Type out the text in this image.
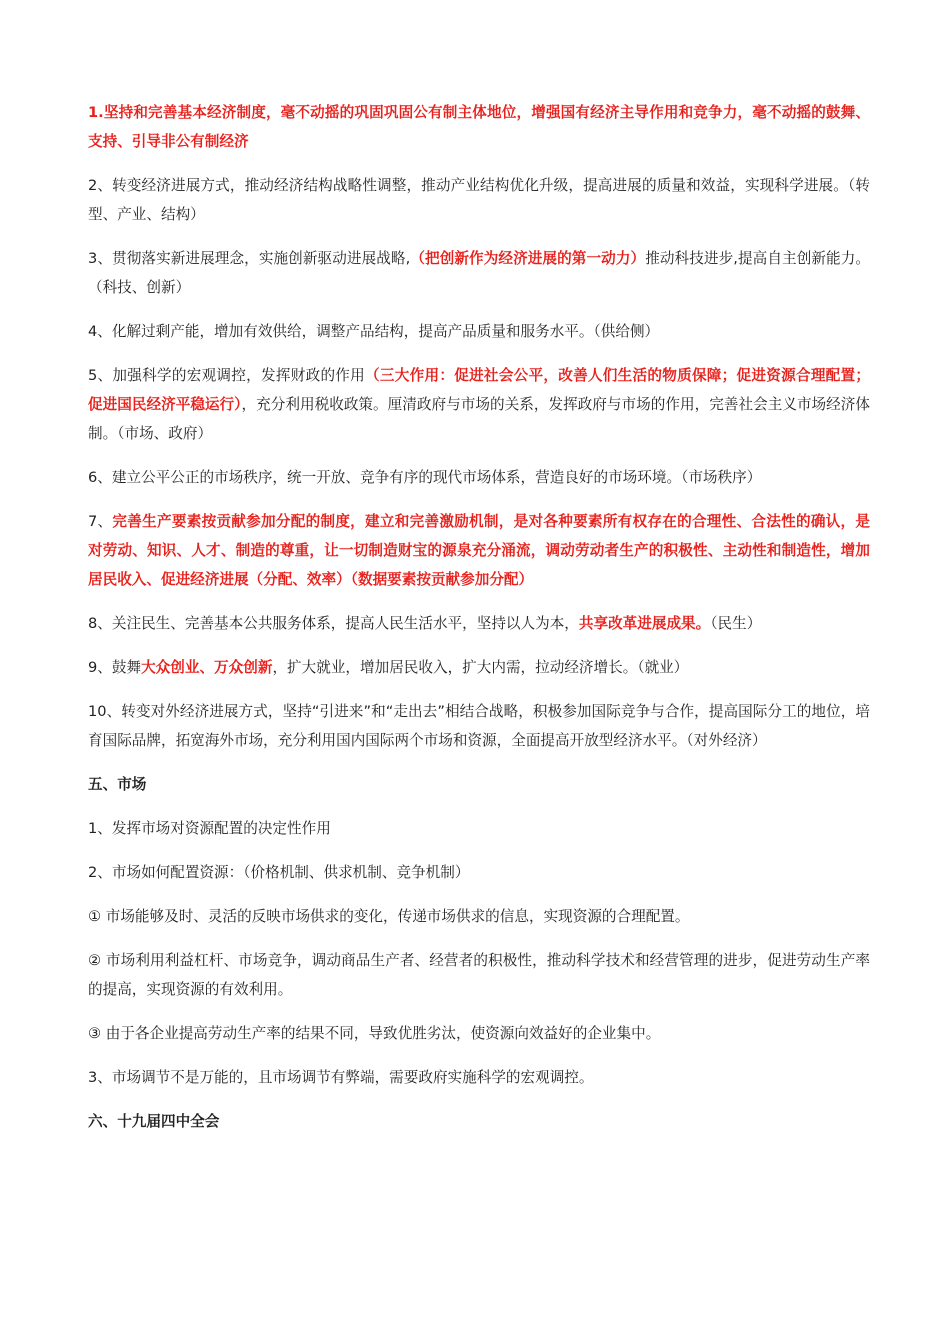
1.坚持和完善基本经济制度，毫不动摇的巩固巩固公有制主体地位，增强国有经济主导作用和竞争力，毫不动摇的鼓舞、支持、引导非公有制经济

2、转变经济进展方式，推动经济结构战略性调整，推动产业结构优化升级，提高进展的质量和效益，实现科学进展。（转型、产业、结构）

3、贯彻落实新进展理念，实施创新驱动进展战略,（把创新作为经济进展的第一动力）推动科技进步,提高自主创新能力。（科技、创新）

4、化解过剩产能，增加有效供给，调整产品结构，提高产品质量和服务水平。（供给侧）

5、加强科学的宏观调控，发挥财政的作用（三大作用：促进社会公平，改善人们生活的物质保障；促进资源合理配置；促进国民经济平稳运行），充分利用税收政策。厘清政府与市场的关系，发挥政府与市场的作用，完善社会主义市场经济体制。（市场、政府）

6、建立公平公正的市场秩序，统一开放、竞争有序的现代市场体系，营造良好的市场环境。（市场秩序）

7、完善生产要素按贡献参加分配的制度，建立和完善激励机制，是对各种要素所有权存在的合理性、合法性的确认，是对劳动、知识、人才、制造的尊重，让一切制造财宝的源泉充分涌流，调动劳动者生产的积极性、主动性和制造性，增加居民收入、促进经济进展（分配、效率）（数据要素按贡献参加分配）

8、关注民生、完善基本公共服务体系，提高人民生活水平，坚持以人为本，共享改革进展成果。（民生）

9、鼓舞大众创业、万众创新，扩大就业，增加居民收入，扩大内需，拉动经济增长。（就业）

10、转变对外经济进展方式，坚持“引进来”和“走出去”相结合战略，积极参加国际竞争与合作，提高国际分工的地位，培育国际品牌，拓宽海外市场，充分利用国内国际两个市场和资源，全面提高开放型经济水平。（对外经济）

五、市场

1、发挥市场对资源配置的决定性作用

2、市场如何配置资源：（价格机制、供求机制、竞争机制）

① 市场能够及时、灵活的反映市场供求的变化，传递市场供求的信息，实现资源的合理配置。

② 市场利用利益杠杆、市场竞争，调动商品生产者、经营者的积极性，推动科学技术和经营管理的进步，促进劳动生产率的提高，实现资源的有效利用。

③ 由于各企业提高劳动生产率的结果不同，导致优胜劣汰，使资源向效益好的企业集中。

3、市场调节不是万能的，且市场调节有弊端，需要政府实施科学的宏观调控。

六、十九届四中全会
